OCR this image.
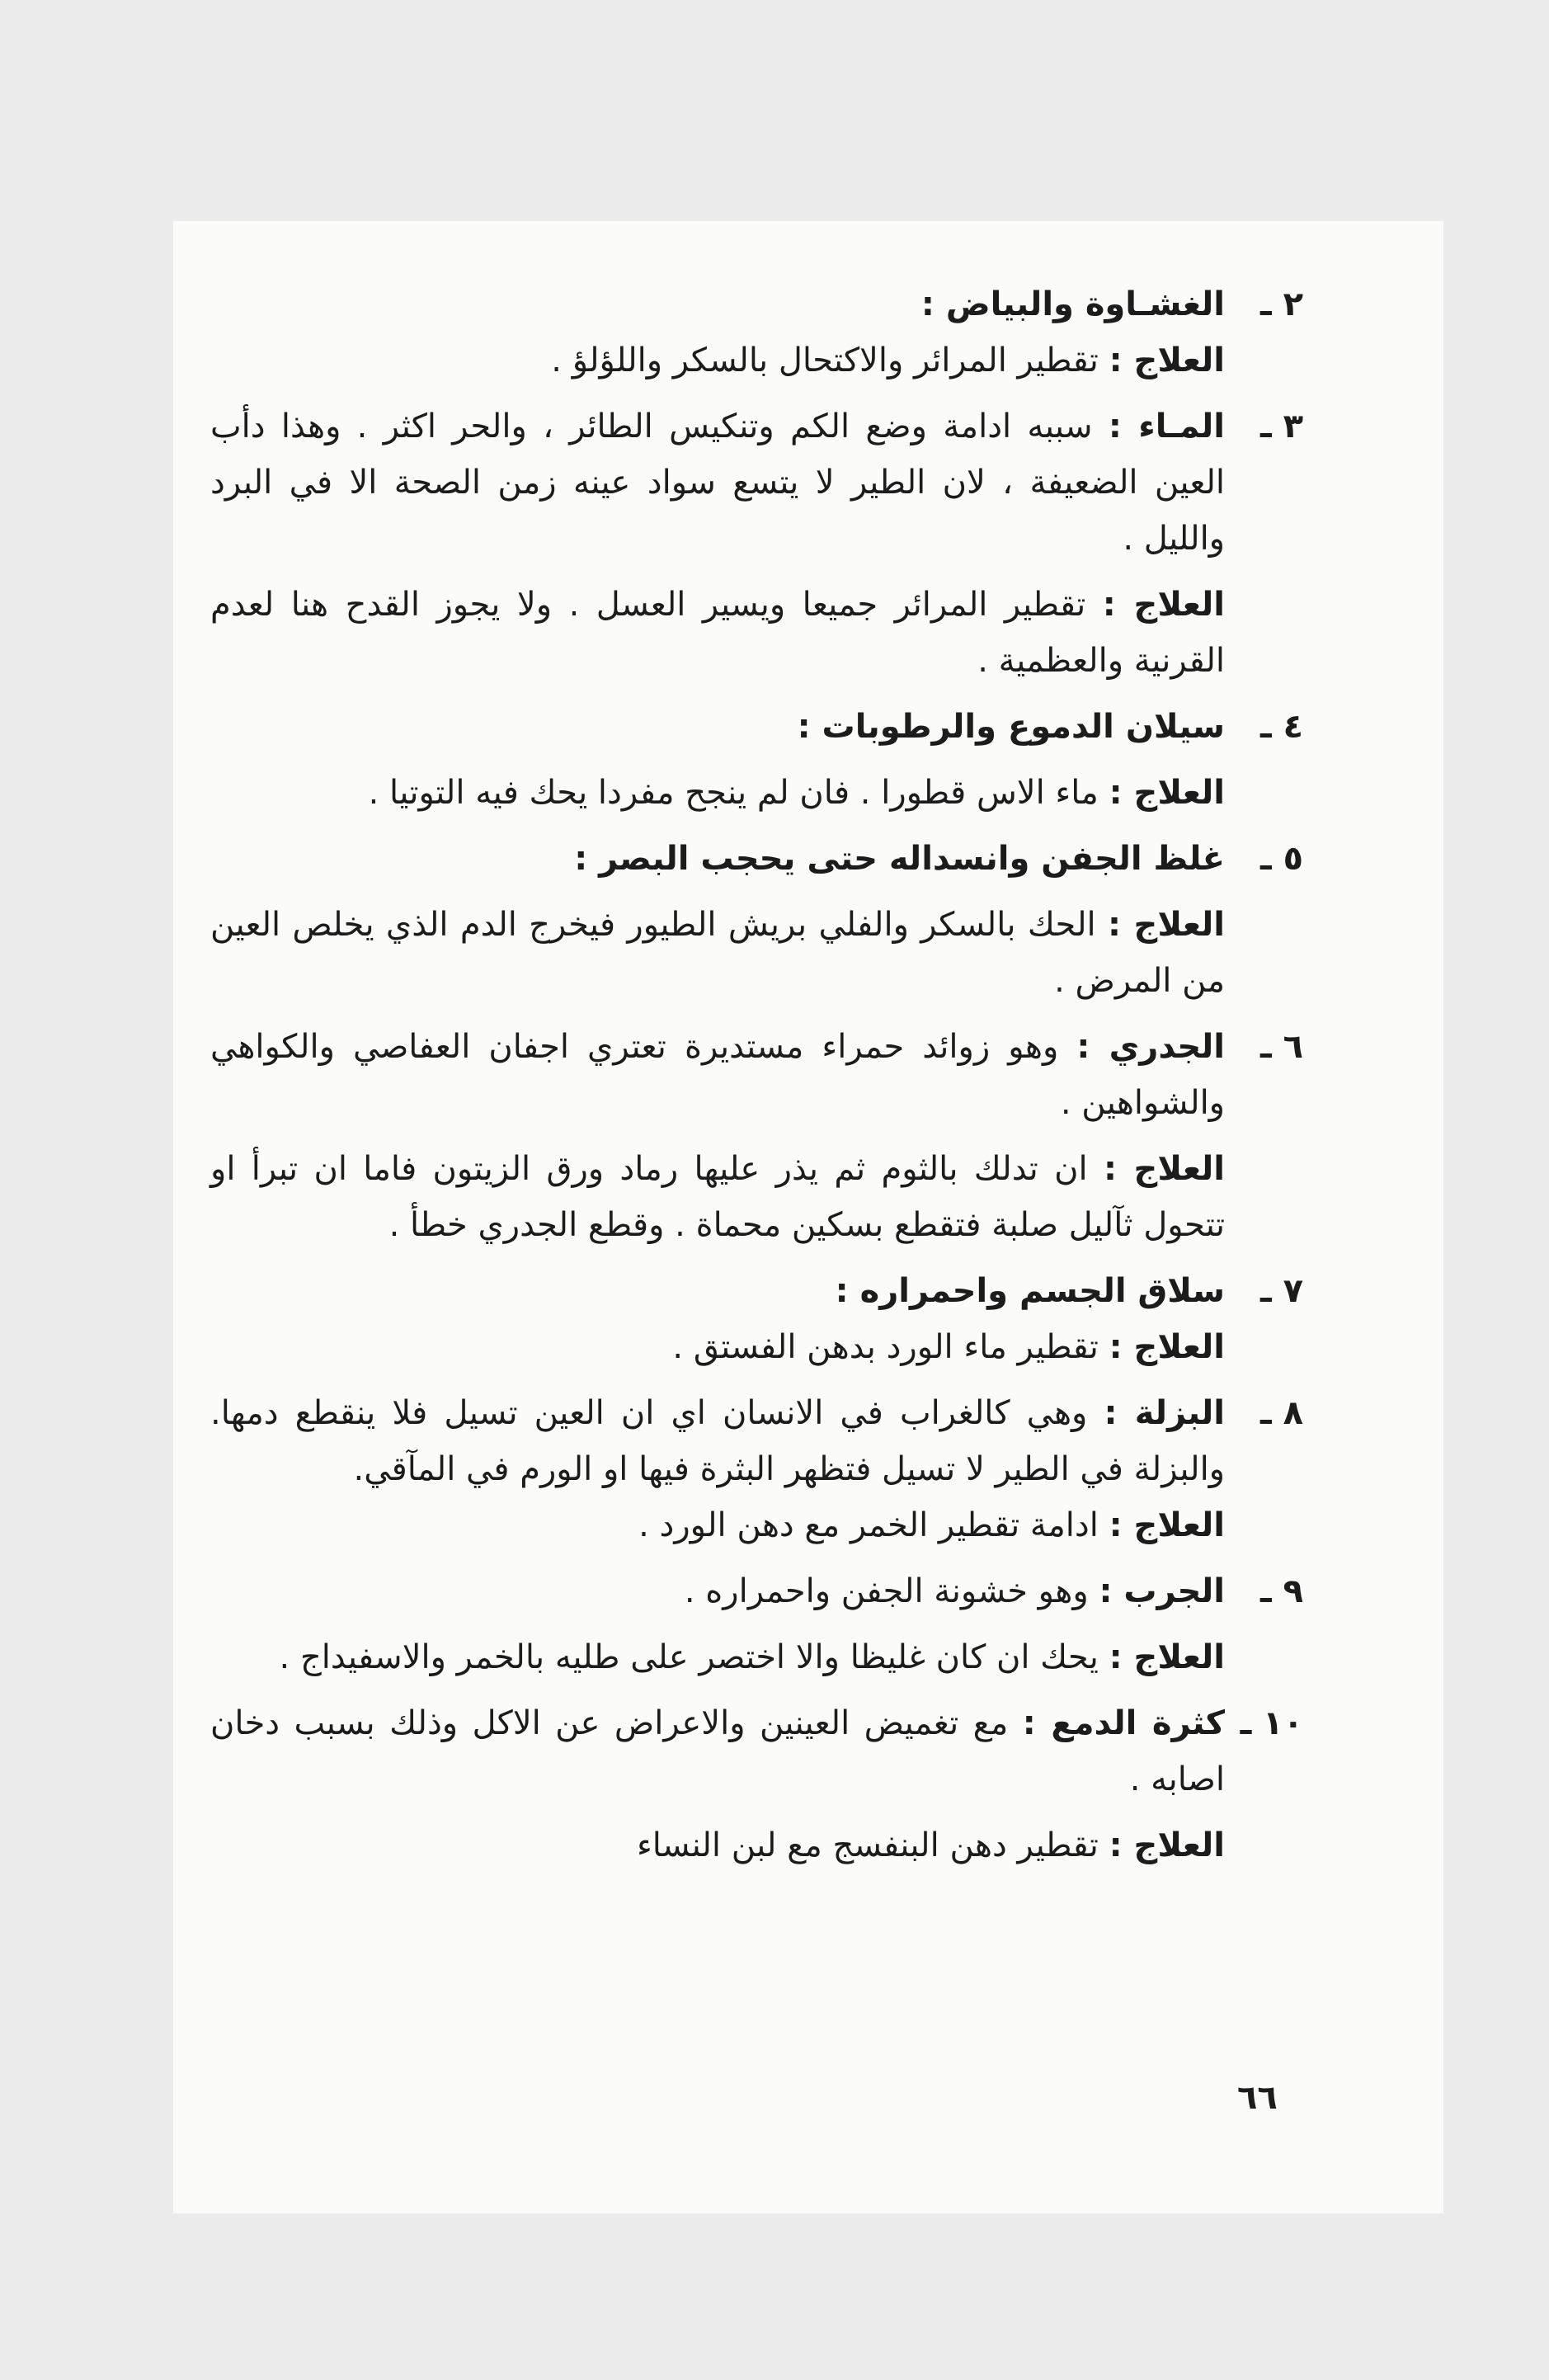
٢ ـ
الغشـاوة والبياض :
العلاج : تقطير المرائر والاكتحال بالسكر واللؤلؤ .
٣ ـ
المـاء : سببه ادامة وضع الكم وتنكيس الطائر ، والحر اكثر . وهذا دأب العين الضعيفة ، لان الطير لا يتسع سواد عينه زمن الصحة الا في البرد والليل .
العلاج : تقطير المرائر جميعا ويسير العسل . ولا يجوز القدح هنا لعدم القرنية والعظمية .
٤ ـ
سيلان الدموع والرطوبات :
العلاج : ماء الاس قطورا . فان لم ينجح مفردا يحك فيه التوتيا .
٥ ـ
غلظ الجفن وانسداله حتى يحجب البصر :
العلاج : الحك بالسكر والفلي بريش الطيور فيخرج الدم الذي يخلص العين من المرض .
٦ ـ
الجدري : وهو زوائد حمراء مستديرة تعتري اجفان العفاصي والكواهي والشواهين .
العلاج : ان تدلك بالثوم ثم يذر عليها رماد ورق الزيتون فاما ان تبرأ او تتحول ثآليل صلبة فتقطع بسكين محماة . وقطع الجدري خطأ .
٧ ـ
سلاق الجسم واحمراره :
العلاج : تقطير ماء الورد بدهن الفستق .
٨ ـ
البزلة : وهي كالغراب في الانسان اي ان العين تسيل فلا ينقطع دمها. والبزلة في الطير لا تسيل فتظهر البثرة فيها او الورم في المآقي.
العلاج : ادامة تقطير الخمر مع دهن الورد .
٩ ـ
الجرب : وهو خشونة الجفن واحمراره .
العلاج : يحك ان كان غليظا والا اختصر على طليه بالخمر والاسفيداج .
١٠ ـ
كثرة الدمع : مع تغميض العينين والاعراض عن الاكل وذلك بسبب دخان اصابه .
العلاج : تقطير دهن البنفسج مع لبن النساء
٦٦
